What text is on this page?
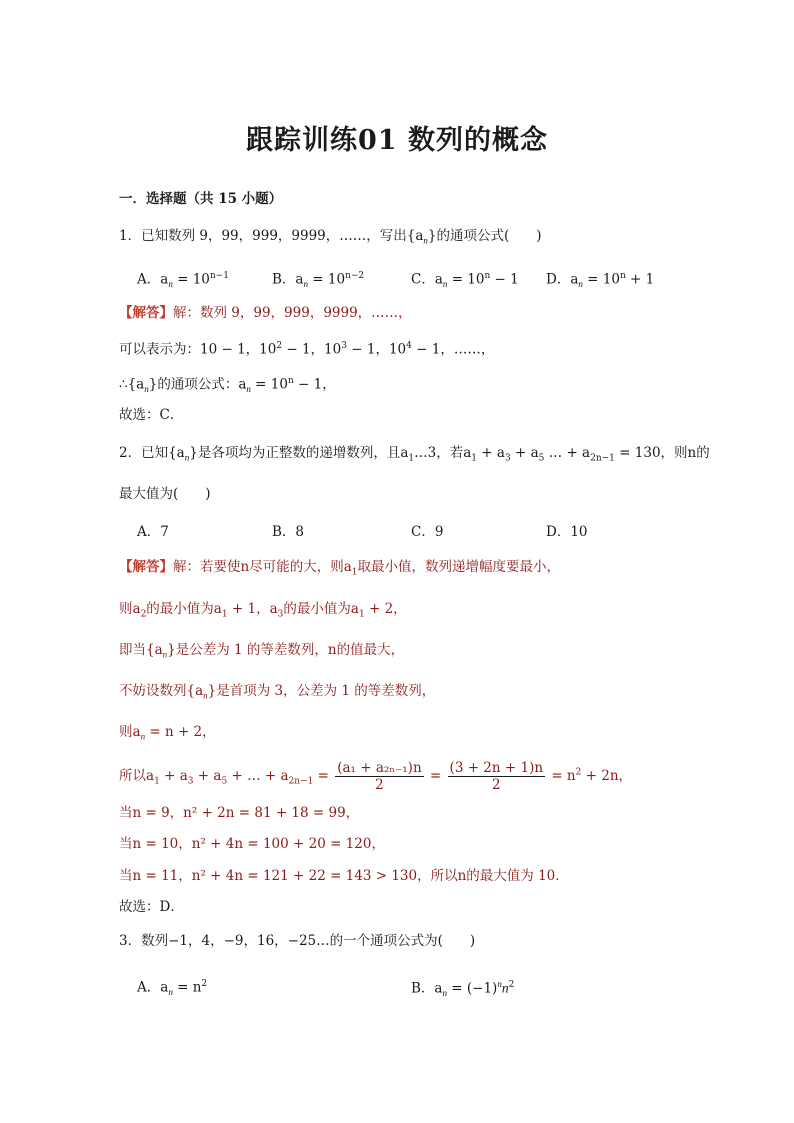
跟踪训练01 数列的概念
一．选择题（共 15 小题）
1．已知数列 9，99，999，9999，……，写出$\{a_n\}$的通项公式(　　)
A．$a_n = 10^{n-1}$	B．$a_n = 10^{n-2}$	C．$a_n = 10^n - 1$ D．$a_n = 10^n + 1$
【解答】解：数列 9，99，999，9999，……，
可以表示为：10 − 1，$10^2 - 1$，$10^3 - 1$，$10^4 - 1$，……，
$\therefore\{a_n\}$的通项公式：$a_n = 10^n - 1$，
故选：C．
2．已知$\{a_n\}$是各项均为正整数的递增数列，且$a_1\dots 3$，若$a_1 + a_3 + a_5$ … + $a_{2n-1} = 130$，则n的
最大值为(　　)
A．7	B．8	C．9	D．10
【解答】解：若要使n尽可能的大，则$a_1$取最小值，数列递增幅度要最小，
则$a_2$的最小值为$a_1 + 1$，$a_3$的最小值为$a_1 + 2$，
即当$\{a_n\}$是公差为 1 的等差数列，n的值最大，
不妨设数列$\{a_n\}$是首项为 3，公差为 1 的等差数列，
则$a_n = n + 2$，
所以$a_1 + a_3 + a_5$ + … + $a_{2n-1} = \frac{\text{(a₁ + a₂ₙ₋₁)n}}{2} = \frac{(3 + 2n + 1)n}{2} = n^2 + 2n$，
当n = 9，n² + 2n = 81 + 18 = 99，
当n = 10，n² + 4n = 100 + 20 = 120，
当n = 11，n² + 4n = 121 + 22 = 143 > 130，所以n的最大值为 10．
故选：D．
3．数列−1，4，−9，16，−25…的一个通项公式为(　　)
A．$a_n = n^2$	B．$a_n = (-1)^nn^2$
